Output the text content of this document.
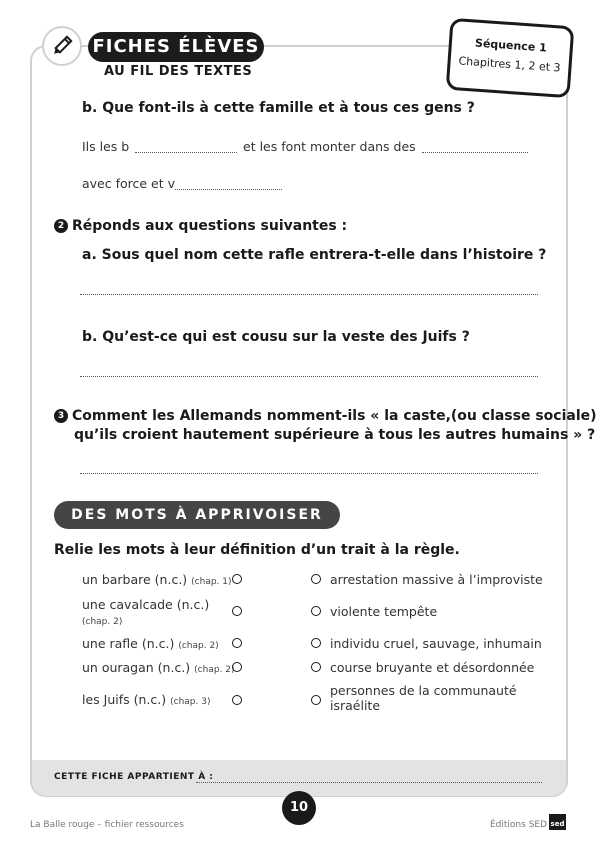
FICHES ÉLÈVES
AU FIL DES TEXTES
Séquence 1
Chapitres 1, 2 et 3
b. Que font-ils à cette famille et à tous ces gens ?
Ils les b	et les font monter dans des
avec force et v
2 Réponds aux questions suivantes :
a. Sous quel nom cette rafle entrera-t-elle dans l’histoire ?
b. Qu’est-ce qui est cousu sur la veste des Juifs ?
3 Comment les Allemands nomment-ils « la caste,(ou classe sociale)
qu’ils croient hautement supérieure à tous les autres humains » ?
DES MOTS À APPRIVOISER
Relie les mots à leur définition d’un trait à la règle.
un barbare (n.c.) (chap. 1)
une cavalcade (n.c.)
(chap. 2)
une rafle (n.c.) (chap. 2)
un ouragan (n.c.) (chap. 2)
les Juifs (n.c.) (chap. 3)
arrestation massive à l’improviste
violente tempête
individu cruel, sauvage, inhumain
course bruyante et désordonnée
personnes de la communauté
israélite
CETTE FICHE APPARTIENT À :
10
La Balle rouge – fichier ressources	Éditions SED sed
